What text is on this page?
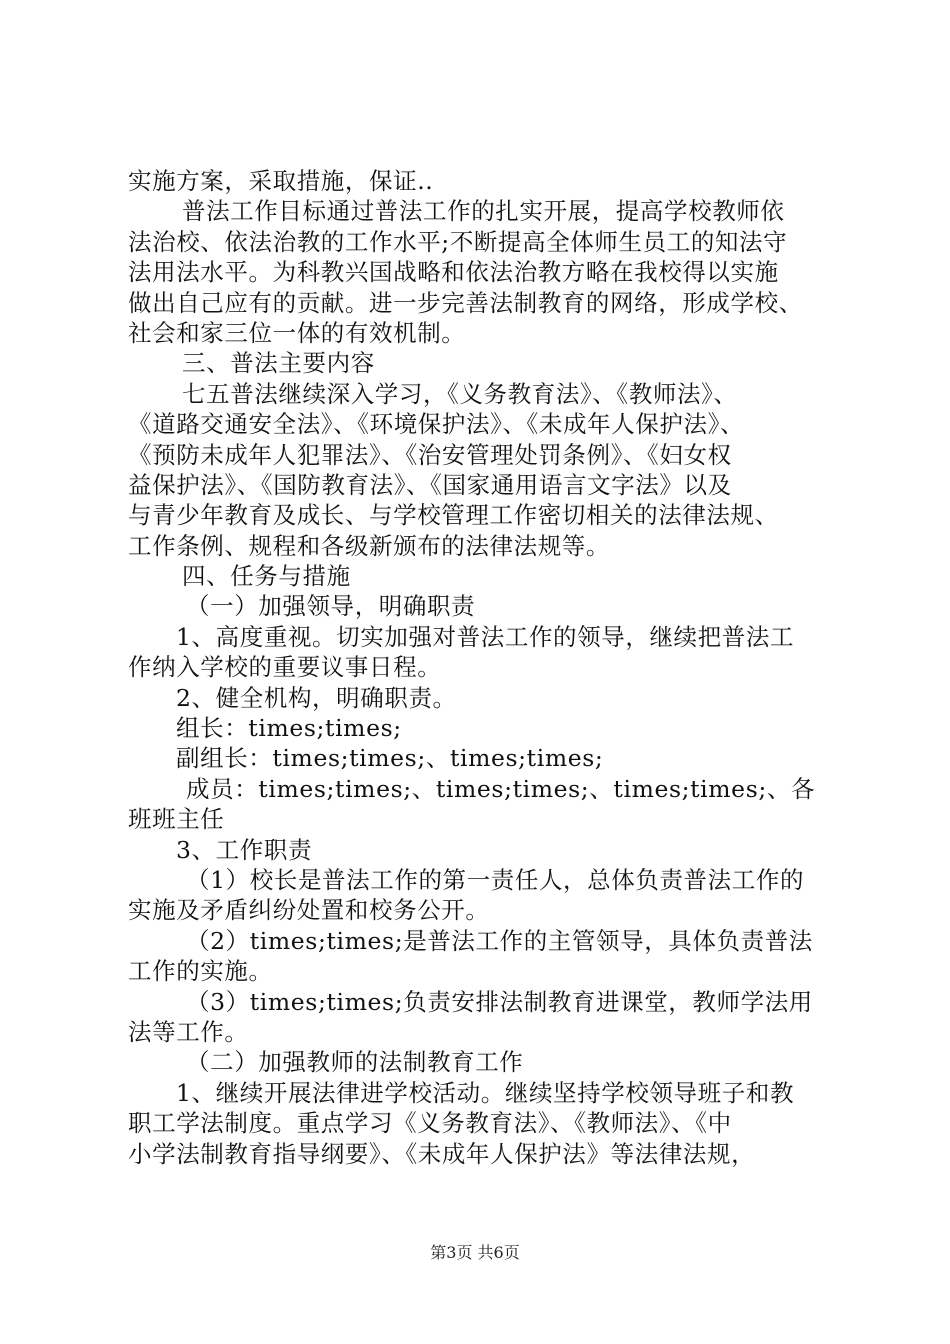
实施方案，采取措施，保证..
普法工作目标通过普法工作的扎实开展，提高学校教师依
法治校、依法治教的工作水平;不断提高全体师生员工的知法守
法用法水平。为科教兴国战略和依法治教方略在我校得以实施
做出自己应有的贡献。进一步完善法制教育的网络，形成学校、
社会和家三位一体的有效机制。
三、普法主要内容
七五普法继续深入学习，《义务教育法》、《教师法》、
《道路交通安全法》、《环境保护法》、《未成年人保护法》、
《预防未成年人犯罪法》、《治安管理处罚条例》、《妇女权
益保护法》、《国防教育法》、《国家通用语言文字法》以及
与青少年教育及成长、与学校管理工作密切相关的法律法规、
工作条例、规程和各级新颁布的法律法规等。
四、任务与措施
（一）加强领导，明确职责
1、高度重视。切实加强对普法工作的领导，继续把普法工
作纳入学校的重要议事日程。
2、健全机构，明确职责。
组长：times;times;
副组长：times;times;、times;times;
成员：times;times;、times;times;、times;times;、各
班班主任
3、工作职责
（1）校长是普法工作的第一责任人，总体负责普法工作的
实施及矛盾纠纷处置和校务公开。
（2）times;times;是普法工作的主管领导，具体负责普法
工作的实施。
（3）times;times;负责安排法制教育进课堂，教师学法用
法等工作。
（二）加强教师的法制教育工作
1、继续开展法律进学校活动。继续坚持学校领导班子和教
职工学法制度。重点学习《义务教育法》、《教师法》、《中
小学法制教育指导纲要》、《未成年人保护法》等法律法规，
第3页 共6页
